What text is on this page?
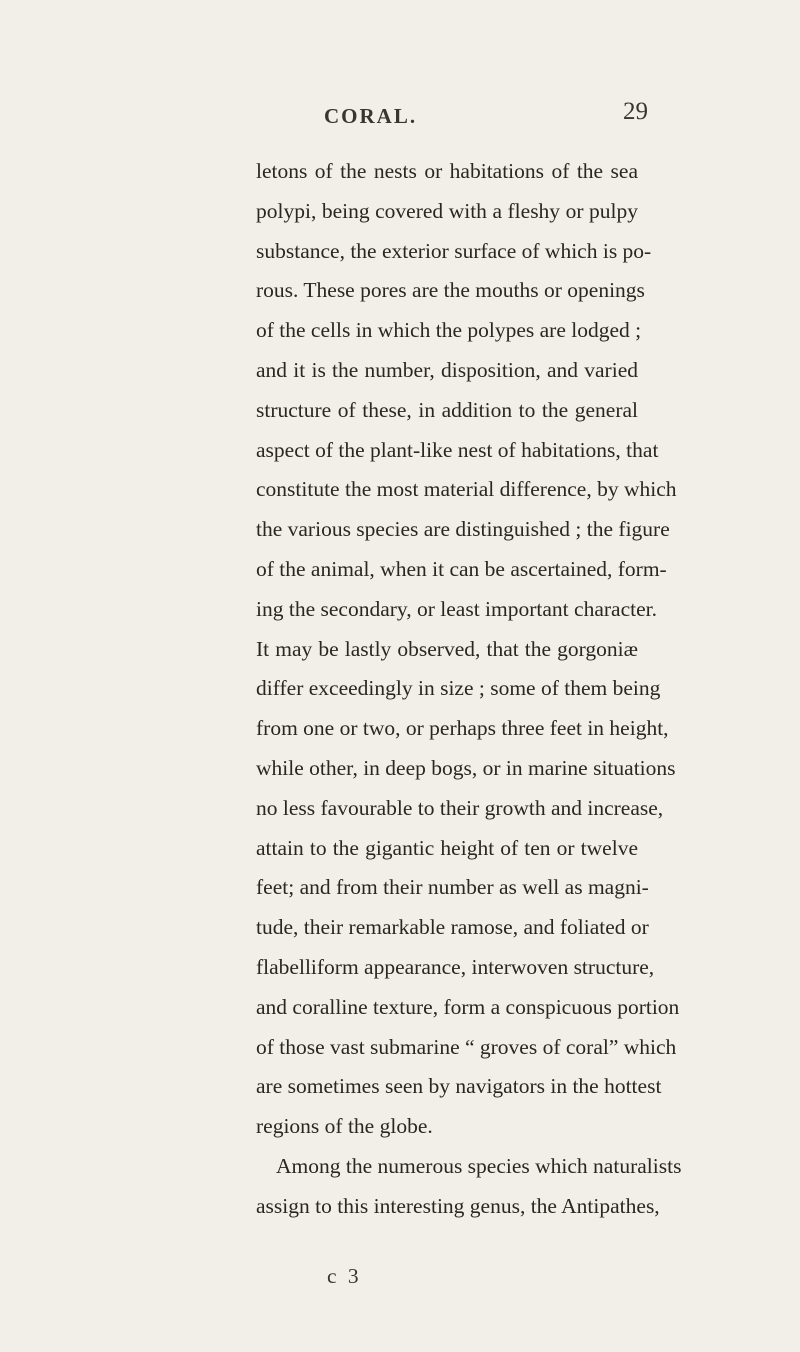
CORAL.	29
letons of the nests or habitations of the sea
polypi, being covered with a fleshy or pulpy
substance, the exterior surface of which is po-
rous. These pores are the mouths or openings
of the cells in which the polypes are lodged ;
and it is the number, disposition, and varied
structure of these, in addition to the general
aspect of the plant-like nest of habitations, that
constitute the most material difference, by which
the various species are distinguished ; the figure
of the animal, when it can be ascertained, form-
ing the secondary, or least important character.
It may be lastly observed, that the gorgoniæ
differ exceedingly in size ; some of them being
from one or two, or perhaps three feet in height,
while other, in deep bogs, or in marine situations
no less favourable to their growth and increase,
attain to the gigantic height of ten or twelve
feet; and from their number as well as magni-
tude, their remarkable ramose, and foliated or
flabelliform appearance, interwoven structure,
and coralline texture, form a conspicuous portion
of those vast submarine “ groves of coral” which
are sometimes seen by navigators in the hottest
regions of the globe.
Among the numerous species which naturalists
assign to this interesting genus, the Antipathes,
c 3
